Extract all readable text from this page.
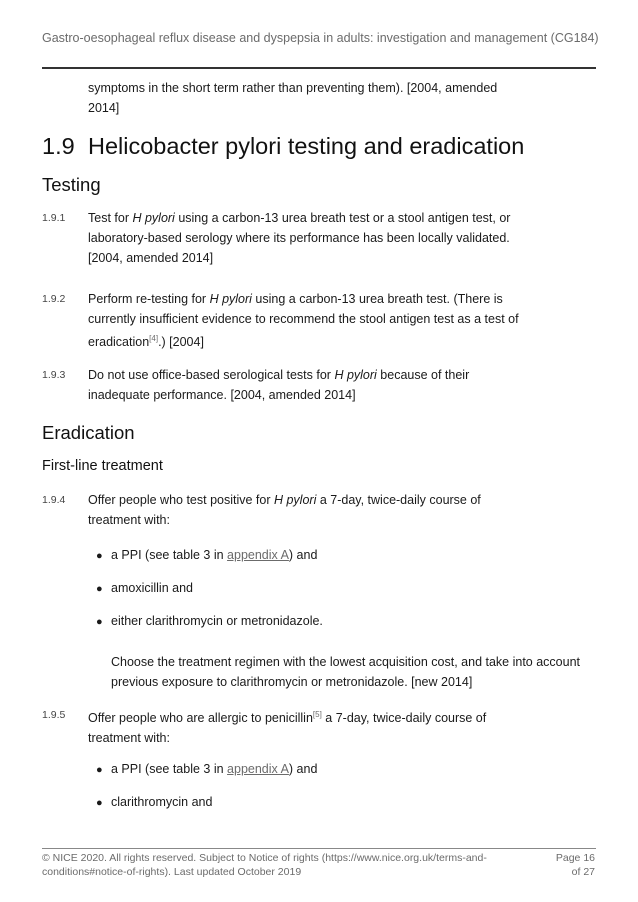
Gastro-oesophageal reflux disease and dyspepsia in adults: investigation and management (CG184)
symptoms in the short term rather than preventing them). [2004, amended
2014]
1.9 Helicobacter pylori testing and eradication
Testing
1.9.1 Test for H pylori using a carbon-13 urea breath test or a stool antigen test, or
laboratory-based serology where its performance has been locally validated.
[2004, amended 2014]
1.9.2 Perform re-testing for H pylori using a carbon-13 urea breath test. (There is
currently insufficient evidence to recommend the stool antigen test as a test of
eradication[4].) [2004]
1.9.3 Do not use office-based serological tests for H pylori because of their
inadequate performance. [2004, amended 2014]
Eradication
First-line treatment
1.9.4 Offer people who test positive for H pylori a 7-day, twice-daily course of
treatment with:
● a PPI (see table 3 in appendix A) and
● amoxicillin and
● either clarithromycin or metronidazole.
Choose the treatment regimen with the lowest acquisition cost, and take into account
previous exposure to clarithromycin or metronidazole. [new 2014]
1.9.5 Offer people who are allergic to penicillin[5] a 7-day, twice-daily course of
treatment with:
● a PPI (see table 3 in appendix A) and
● clarithromycin and
© NICE 2020. All rights reserved. Subject to Notice of rights (https://www.nice.org.uk/terms-and-
conditions#notice-of-rights). Last updated October 2019
Page 16
of 27
